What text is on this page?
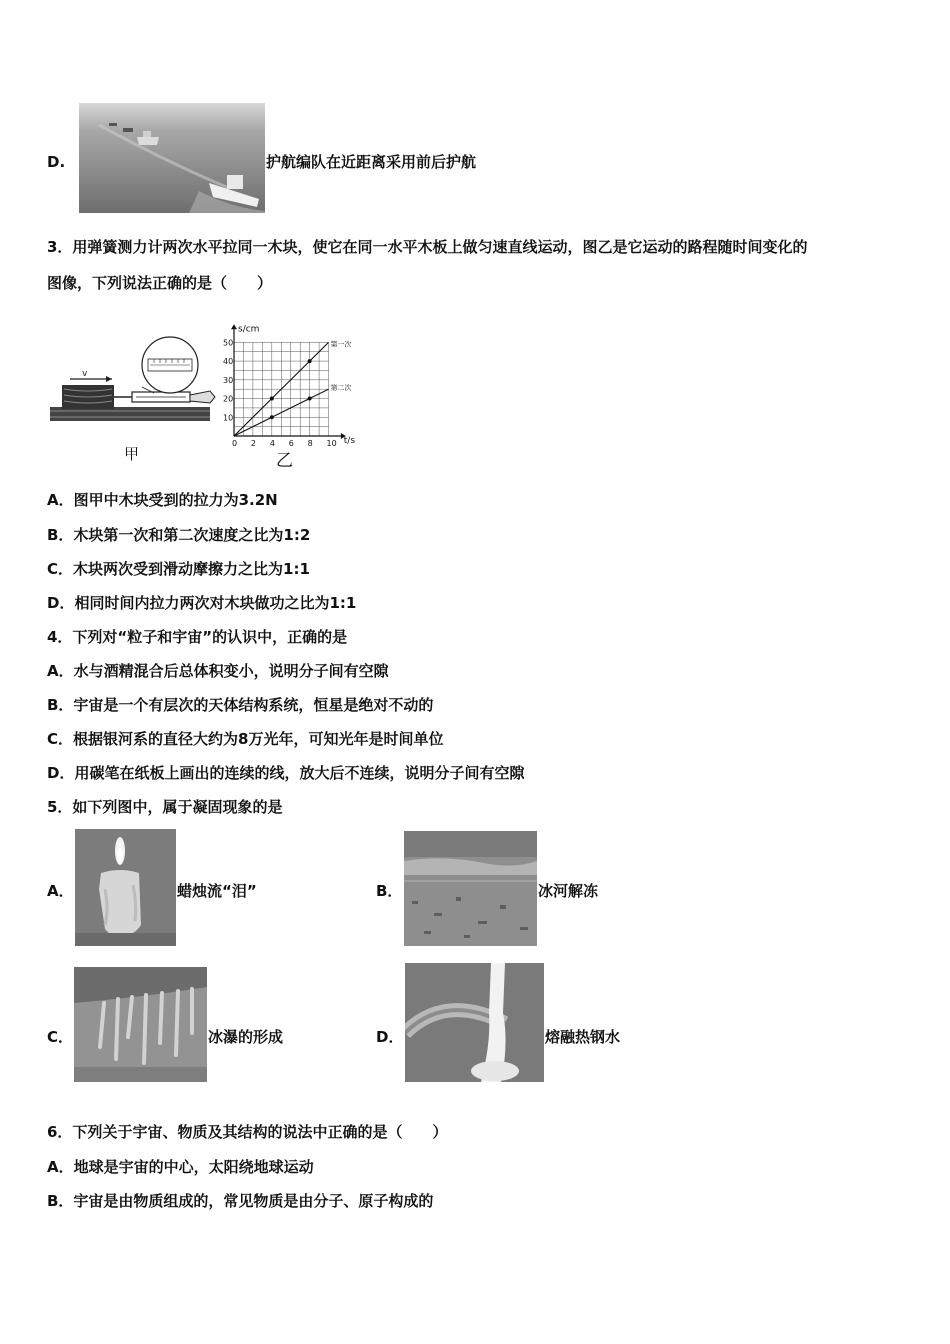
D.	护航编队在近距离采用前后护航
3．用弹簧测力计两次水平拉同一木块，使它在同一水平木板上做匀速直线运动，图乙是它运动的路程随时间变化的
图像，下列说法正确的是（　　）
v
甲
0 2 4 6 8 10
10
20
30
40
50
t/s
s/cm
第一次
第二次
乙
A．图甲中木块受到的拉力为3.2N
B．木块第一次和第二次速度之比为1:2
C．木块两次受到滑动摩擦力之比为1:1
D．相同时间内拉力两次对木块做功之比为1:1
4．下列对“粒子和宇宙”的认识中，正确的是
A．水与酒精混合后总体积变小，说明分子间有空隙
B．宇宙是一个有层次的天体结构系统，恒星是绝对不动的
C．根据银河系的直径大约为8万光年，可知光年是时间单位
D．用碳笔在纸板上画出的连续的线，放大后不连续，说明分子间有空隙
5．如下列图中，属于凝固现象的是
A．	蜡烛流“泪”	B．	冰河解冻
C．	冰瀑的形成	D．	熔融热钢水
6．下列关于宇宙、物质及其结构的说法中正确的是（　　）
A．地球是宇宙的中心，太阳绕地球运动
B．宇宙是由物质组成的，常见物质是由分子、原子构成的
